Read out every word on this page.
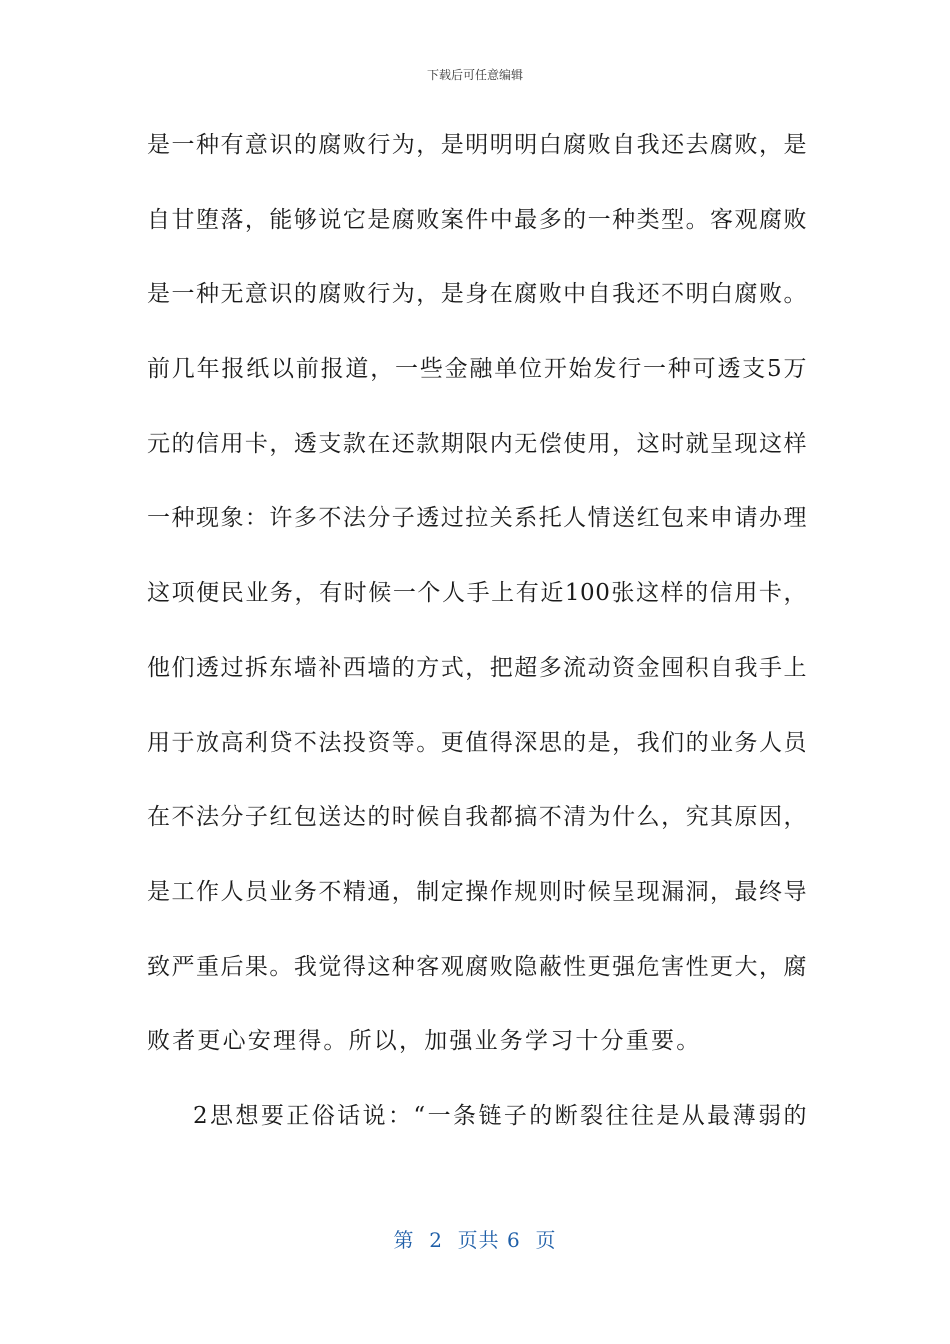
下载后可任意编辑
是一种有意识的腐败行为，是明明明白腐败自我还去腐败，是
自甘堕落，能够说它是腐败案件中最多的一种类型。客观腐败
是一种无意识的腐败行为，是身在腐败中自我还不明白腐败。
前几年报纸以前报道，一些金融单位开始发行一种可透支5万
元的信用卡，透支款在还款期限内无偿使用，这时就呈现这样
一种现象：许多不法分子透过拉关系托人情送红包来申请办理
这项便民业务，有时候一个人手上有近100张这样的信用卡，
他们透过拆东墙补西墙的方式，把超多流动资金囤积自我手上
用于放高利贷不法投资等。更值得深思的是，我们的业务人员
在不法分子红包送达的时候自我都搞不清为什么，究其原因，
是工作人员业务不精通，制定操作规则时候呈现漏洞，最终导
致严重后果。我觉得这种客观腐败隐蔽性更强危害性更大，腐
败者更心安理得。所以，加强业务学习十分重要。
2思想要正俗话说：“一条链子的断裂往往是从最薄弱的
第  2  页共 6  页
